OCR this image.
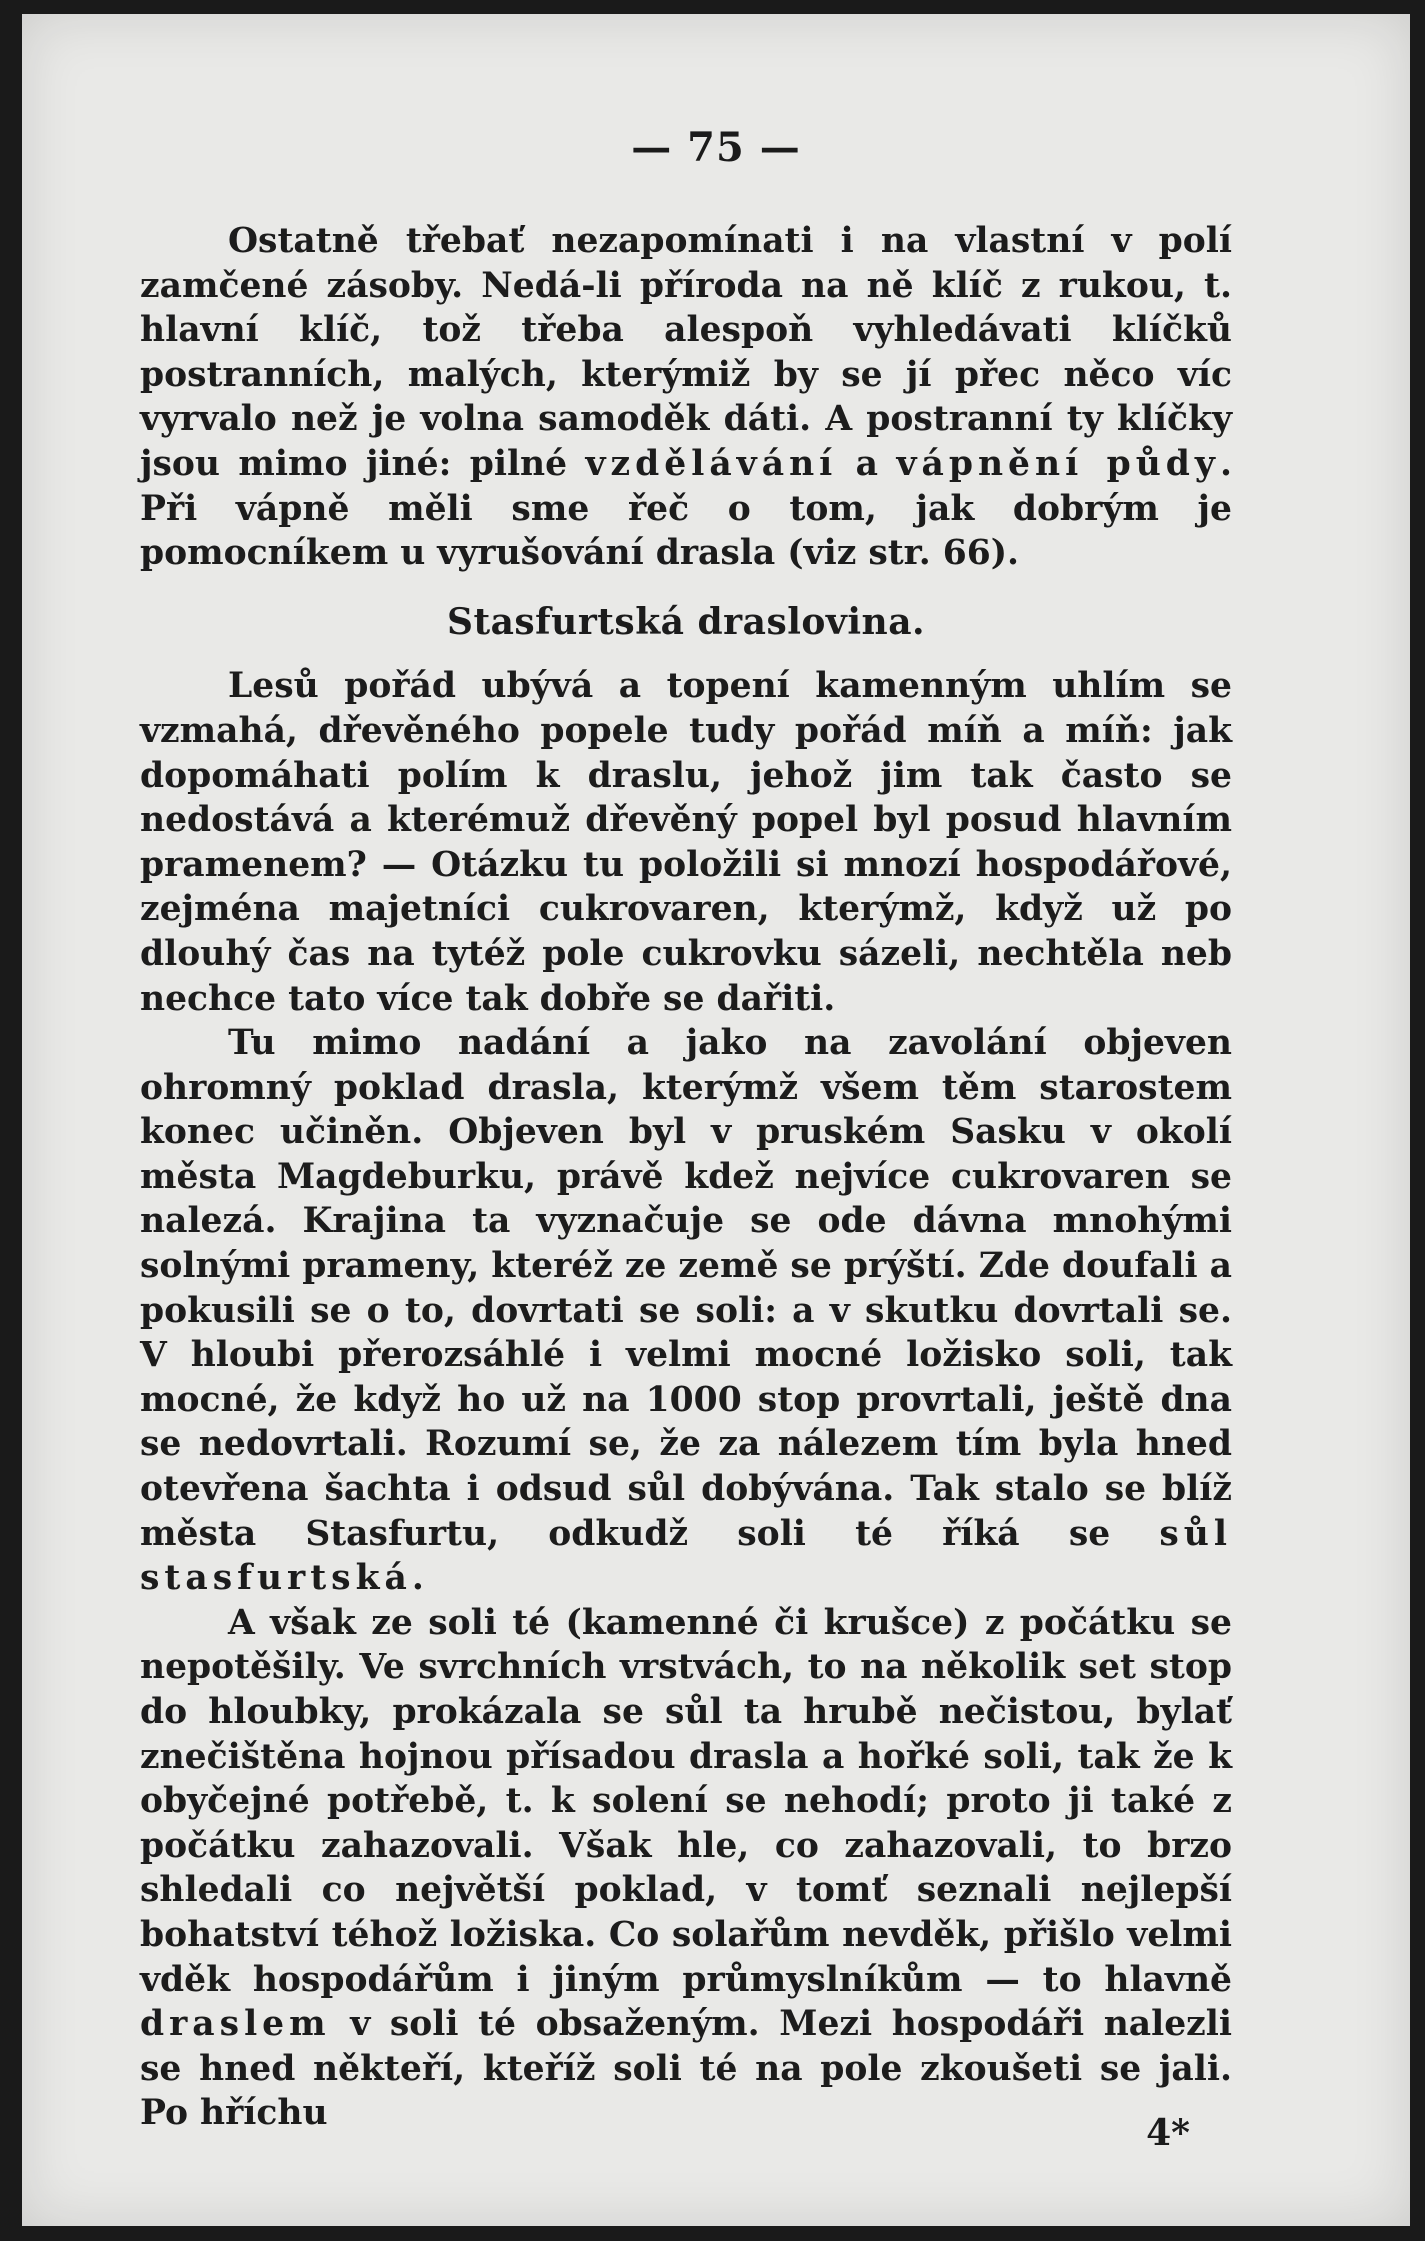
— 75 —

Ostatně třebať nezapomínati i na vlastní v polí zamčené zásoby. Nedá-li příroda na ně klíč z rukou, t. hlavní klíč, tož třeba alespoň vyhledávati klíčků postranních, malých, kterýmiž by se jí přec něco víc vyrvalo než je volna samoděk dáti. A postranní ty klíčky jsou mimo jiné: pilné vzdělávání a vápnění půdy. Při vápně měli sme řeč o tom, jak dobrým je pomocníkem u vyrušování drasla (viz str. 66).

Stasfurtská draslovina.

Lesů pořád ubývá a topení kamenným uhlím se vzmahá, dřevěného popele tudy pořád míň a míň: jak dopomáhati polím k draslu, jehož jim tak často se nedostává a kterémuž dřevěný popel byl posud hlavním pramenem? — Otázku tu položili si mnozí hospodářové, zejména majetníci cukrovaren, kterýmž, když už po dlouhý čas na tytéž pole cukrovku sázeli, nechtěla neb nechce tato více tak dobře se dařiti.

Tu mimo nadání a jako na zavolání objeven ohromný poklad drasla, kterýmž všem těm starostem konec učiněn. Objeven byl v pruském Sasku v okolí města Magdeburku, právě kdež nejvíce cukrovaren se nalezá. Krajina ta vyznačuje se ode dávna mnohými solnými prameny, kteréž ze země se prýští. Zde doufali a pokusili se o to, dovrtati se soli: a v skutku dovrtali se. V hloubi přerozsáhlé i velmi mocné ložisko soli, tak mocné, že když ho už na 1000 stop provrtali, ještě dna se nedovrtali. Rozumí se, že za nálezem tím byla hned otevřena šachta i odsud sůl dobývána. Tak stalo se blíž města Stasfurtu, odkudž soli té říká se sůl stasfurtská.

A však ze soli té (kamenné či krušce) z počátku se nepotěšily. Ve svrchních vrstvách, to na několik set stop do hloubky, prokázala se sůl ta hrubě nečistou, bylať znečištěna hojnou přísadou drasla a hořké soli, tak že k obyčejné potřebě, t. k solení se nehodí; proto ji také z počátku zahazovali. Však hle, co zahazovali, to brzo shledali co největší poklad, v tomť seznali nejlepší bohatství téhož ložiska. Co solařům nevděk, přišlo velmi vděk hospodářům i jiným průmyslníkům — to hlavně draslem v soli té obsaženým. Mezi hospodáři nalezli se hned někteří, kteříž soli té na pole zkoušeti se jali. Po hříchu	4*
